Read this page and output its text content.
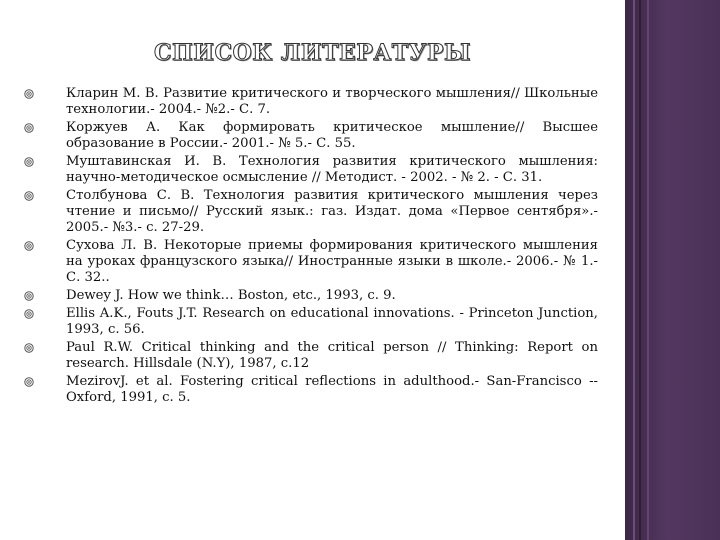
СПИСОК ЛИТЕРАТУРЫ
Кларин М. В. Развитие критического и творческого мышления// Школьные технологии.- 2004.- №2.- С. 7.
Коржуев А. Как формировать критическое мышление// Высшее образование в России.- 2001.- № 5.- С. 55.
Муштавинская И. В. Технология развития критического мышления: научно-методическое осмысление // Методист. - 2002. - № 2. - С. 31.
Столбунова С. В. Технология развития критического мышления через чтение и письмо// Русский язык.: газ. Издат. дома «Первое сентября».- 2005.- №3.- с. 27-29.
Сухова Л. В. Некоторые приемы формирования критического мышления на уроках французского языка// Иностранные языки в школе.- 2006.- № 1.- С. 32..
Dewey J. How we think… Boston, etc., 1993, c. 9.
Ellis A.K., Fouts J.T. Research on educational innovations. - Princeton Junction, 1993, c. 56.
Paul R.W. Critical thinking and the critical person // Thinking: Report on research. Hillsdale (N.Y), 1987, c.12
MezirovJ. et al. Fostering critical reflections in adulthood.- San-Francisco -- Oxford, 1991, c. 5.
